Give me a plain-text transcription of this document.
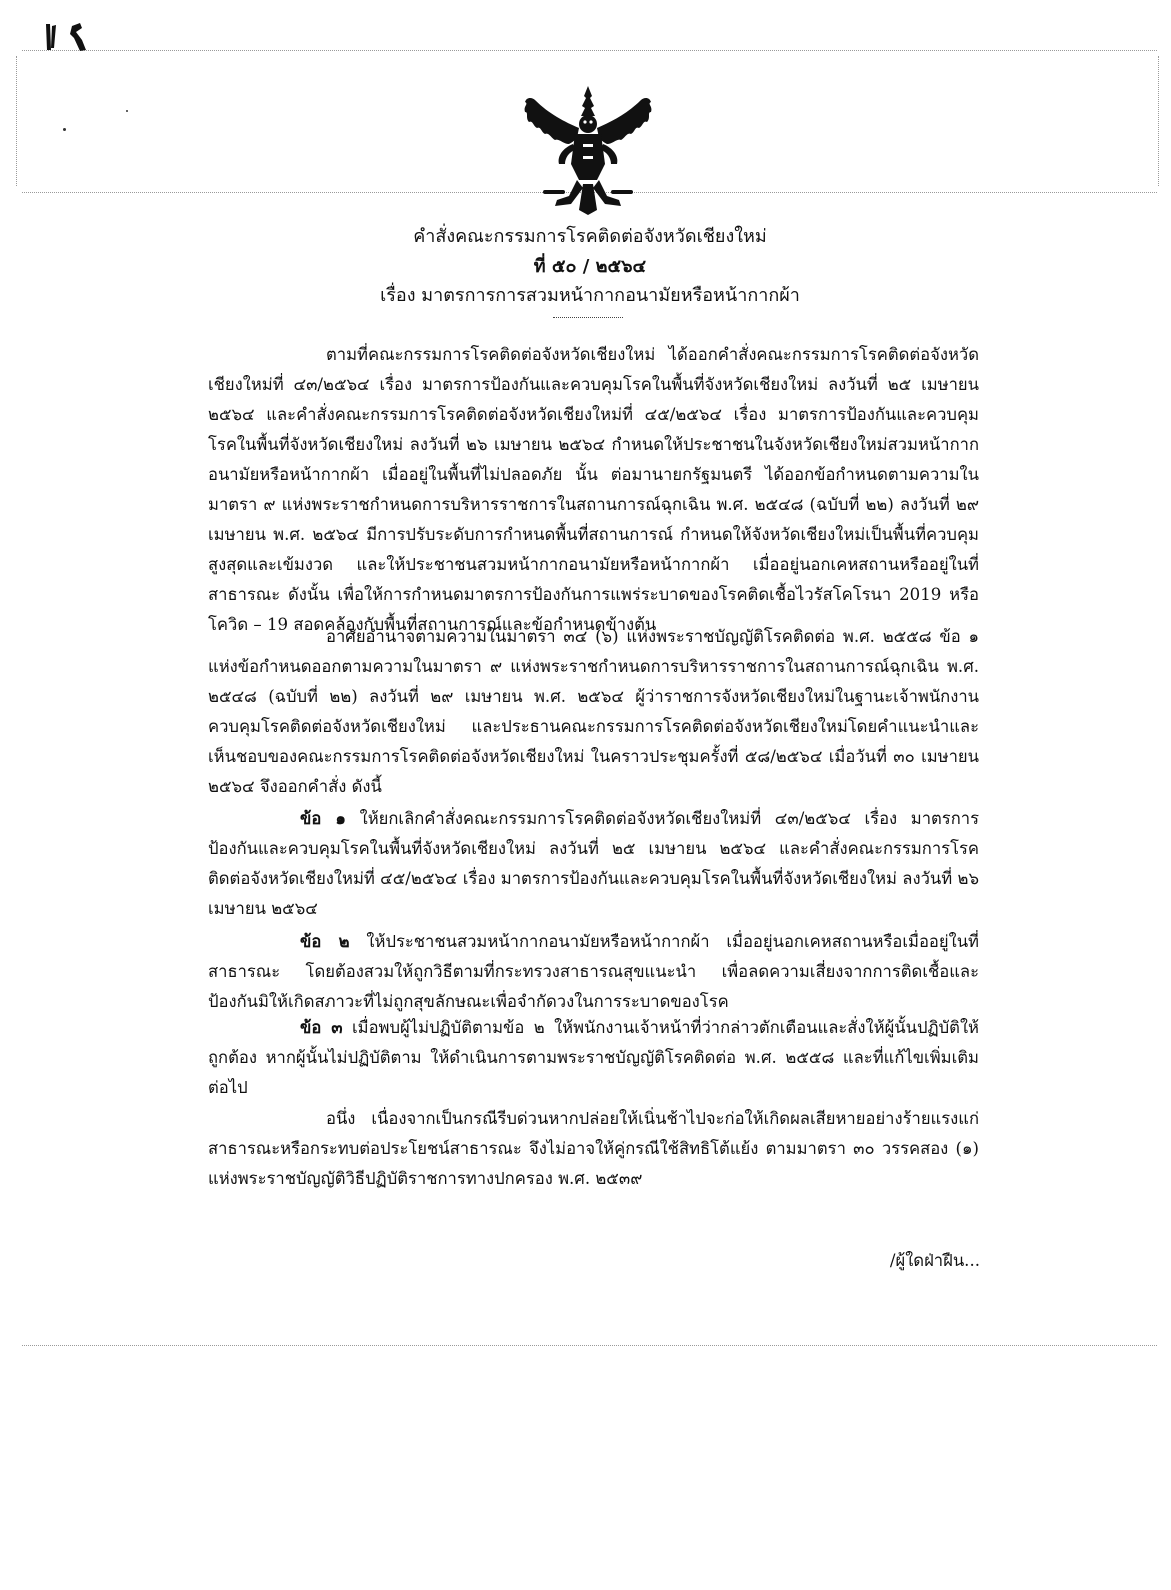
คำสั่งคณะกรรมการโรคติดต่อจังหวัดเชียงใหม่
ที่ ๕๐ / ๒๕๖๔
เรื่อง มาตรการการสวมหน้ากากอนามัยหรือหน้ากากผ้า

ตามที่คณะกรรมการโรคติดต่อจังหวัดเชียงใหม่ ได้ออกคำสั่งคณะกรรมการโรคติดต่อจังหวัดเชียงใหม่ที่ ๔๓/๒๕๖๔ เรื่อง มาตรการป้องกันและควบคุมโรคในพื้นที่จังหวัดเชียงใหม่ ลงวันที่ ๒๕ เมษายน ๒๕๖๔ และคำสั่งคณะกรรมการโรคติดต่อจังหวัดเชียงใหม่ที่ ๔๕/๒๕๖๔ เรื่อง มาตรการป้องกันและควบคุมโรคในพื้นที่จังหวัดเชียงใหม่ ลงวันที่ ๒๖ เมษายน ๒๕๖๔ กำหนดให้ประชาชนในจังหวัดเชียงใหม่สวมหน้ากากอนามัยหรือหน้ากากผ้า เมื่ออยู่ในพื้นที่ไม่ปลอดภัย นั้น ต่อมานายกรัฐมนตรี ได้ออกข้อกำหนดตามความในมาตรา ๙ แห่งพระราชกำหนดการบริหารราชการในสถานการณ์ฉุกเฉิน พ.ศ. ๒๕๔๘ (ฉบับที่ ๒๒) ลงวันที่ ๒๙ เมษายน พ.ศ. ๒๕๖๔ มีการปรับระดับการกำหนดพื้นที่สถานการณ์ กำหนดให้จังหวัดเชียงใหม่เป็นพื้นที่ควบคุมสูงสุดและเข้มงวด และให้ประชาชนสวมหน้ากากอนามัยหรือหน้ากากผ้า เมื่ออยู่นอกเคหสถานหรืออยู่ในที่สาธารณะ ดังนั้น เพื่อให้การกำหนดมาตรการป้องกันการแพร่ระบาดของโรคติดเชื้อไวรัสโคโรนา 2019 หรือโควิด – 19 สอดคล้องกับพื้นที่สถานการณ์และข้อกำหนดข้างต้น

อาศัยอำนาจตามความในมาตรา ๓๔ (๖) แห่งพระราชบัญญัติโรคติดต่อ พ.ศ. ๒๕๕๘ ข้อ ๑ แห่งข้อกำหนดออกตามความในมาตรา ๙ แห่งพระราชกำหนดการบริหารราชการในสถานการณ์ฉุกเฉิน พ.ศ. ๒๕๔๘ (ฉบับที่ ๒๒) ลงวันที่ ๒๙ เมษายน พ.ศ. ๒๕๖๔ ผู้ว่าราชการจังหวัดเชียงใหม่ในฐานะเจ้าพนักงานควบคุมโรคติดต่อจังหวัดเชียงใหม่ และประธานคณะกรรมการโรคติดต่อจังหวัดเชียงใหม่โดยคำแนะนำและเห็นชอบของคณะกรรมการโรคติดต่อจังหวัดเชียงใหม่ ในคราวประชุมครั้งที่ ๕๘/๒๕๖๔ เมื่อวันที่ ๓๐ เมษายน ๒๕๖๔ จึงออกคำสั่ง ดังนี้

ข้อ ๑ ให้ยกเลิกคำสั่งคณะกรรมการโรคติดต่อจังหวัดเชียงใหม่ที่ ๔๓/๒๕๖๔ เรื่อง มาตรการป้องกันและควบคุมโรคในพื้นที่จังหวัดเชียงใหม่ ลงวันที่ ๒๕ เมษายน ๒๕๖๔ และคำสั่งคณะกรรมการโรคติดต่อจังหวัดเชียงใหม่ที่ ๔๕/๒๕๖๔ เรื่อง มาตรการป้องกันและควบคุมโรคในพื้นที่จังหวัดเชียงใหม่ ลงวันที่ ๒๖ เมษายน ๒๕๖๔

ข้อ ๒ ให้ประชาชนสวมหน้ากากอนามัยหรือหน้ากากผ้า เมื่ออยู่นอกเคหสถานหรือเมื่ออยู่ในที่สาธารณะ โดยต้องสวมให้ถูกวิธีตามที่กระทรวงสาธารณสุขแนะนำ เพื่อลดความเสี่ยงจากการติดเชื้อและป้องกันมิให้เกิดสภาวะที่ไม่ถูกสุขลักษณะเพื่อจำกัดวงในการระบาดของโรค

ข้อ ๓ เมื่อพบผู้ไม่ปฏิบัติตามข้อ ๒ ให้พนักงานเจ้าหน้าที่ว่ากล่าวตักเตือนและสั่งให้ผู้นั้นปฏิบัติให้ถูกต้อง หากผู้นั้นไม่ปฏิบัติตาม ให้ดำเนินการตามพระราชบัญญัติโรคติดต่อ พ.ศ. ๒๕๕๘ และที่แก้ไขเพิ่มเติมต่อไป

อนึ่ง เนื่องจากเป็นกรณีรีบด่วนหากปล่อยให้เนิ่นช้าไปจะก่อให้เกิดผลเสียหายอย่างร้ายแรงแก่สาธารณะหรือกระทบต่อประโยชน์สาธารณะ จึงไม่อาจให้คู่กรณีใช้สิทธิโต้แย้ง ตามมาตรา ๓๐ วรรคสอง (๑) แห่งพระราชบัญญัติวิธีปฏิบัติราชการทางปกครอง พ.ศ. ๒๕๓๙

/ผู้ใดฝ่าฝืน...
